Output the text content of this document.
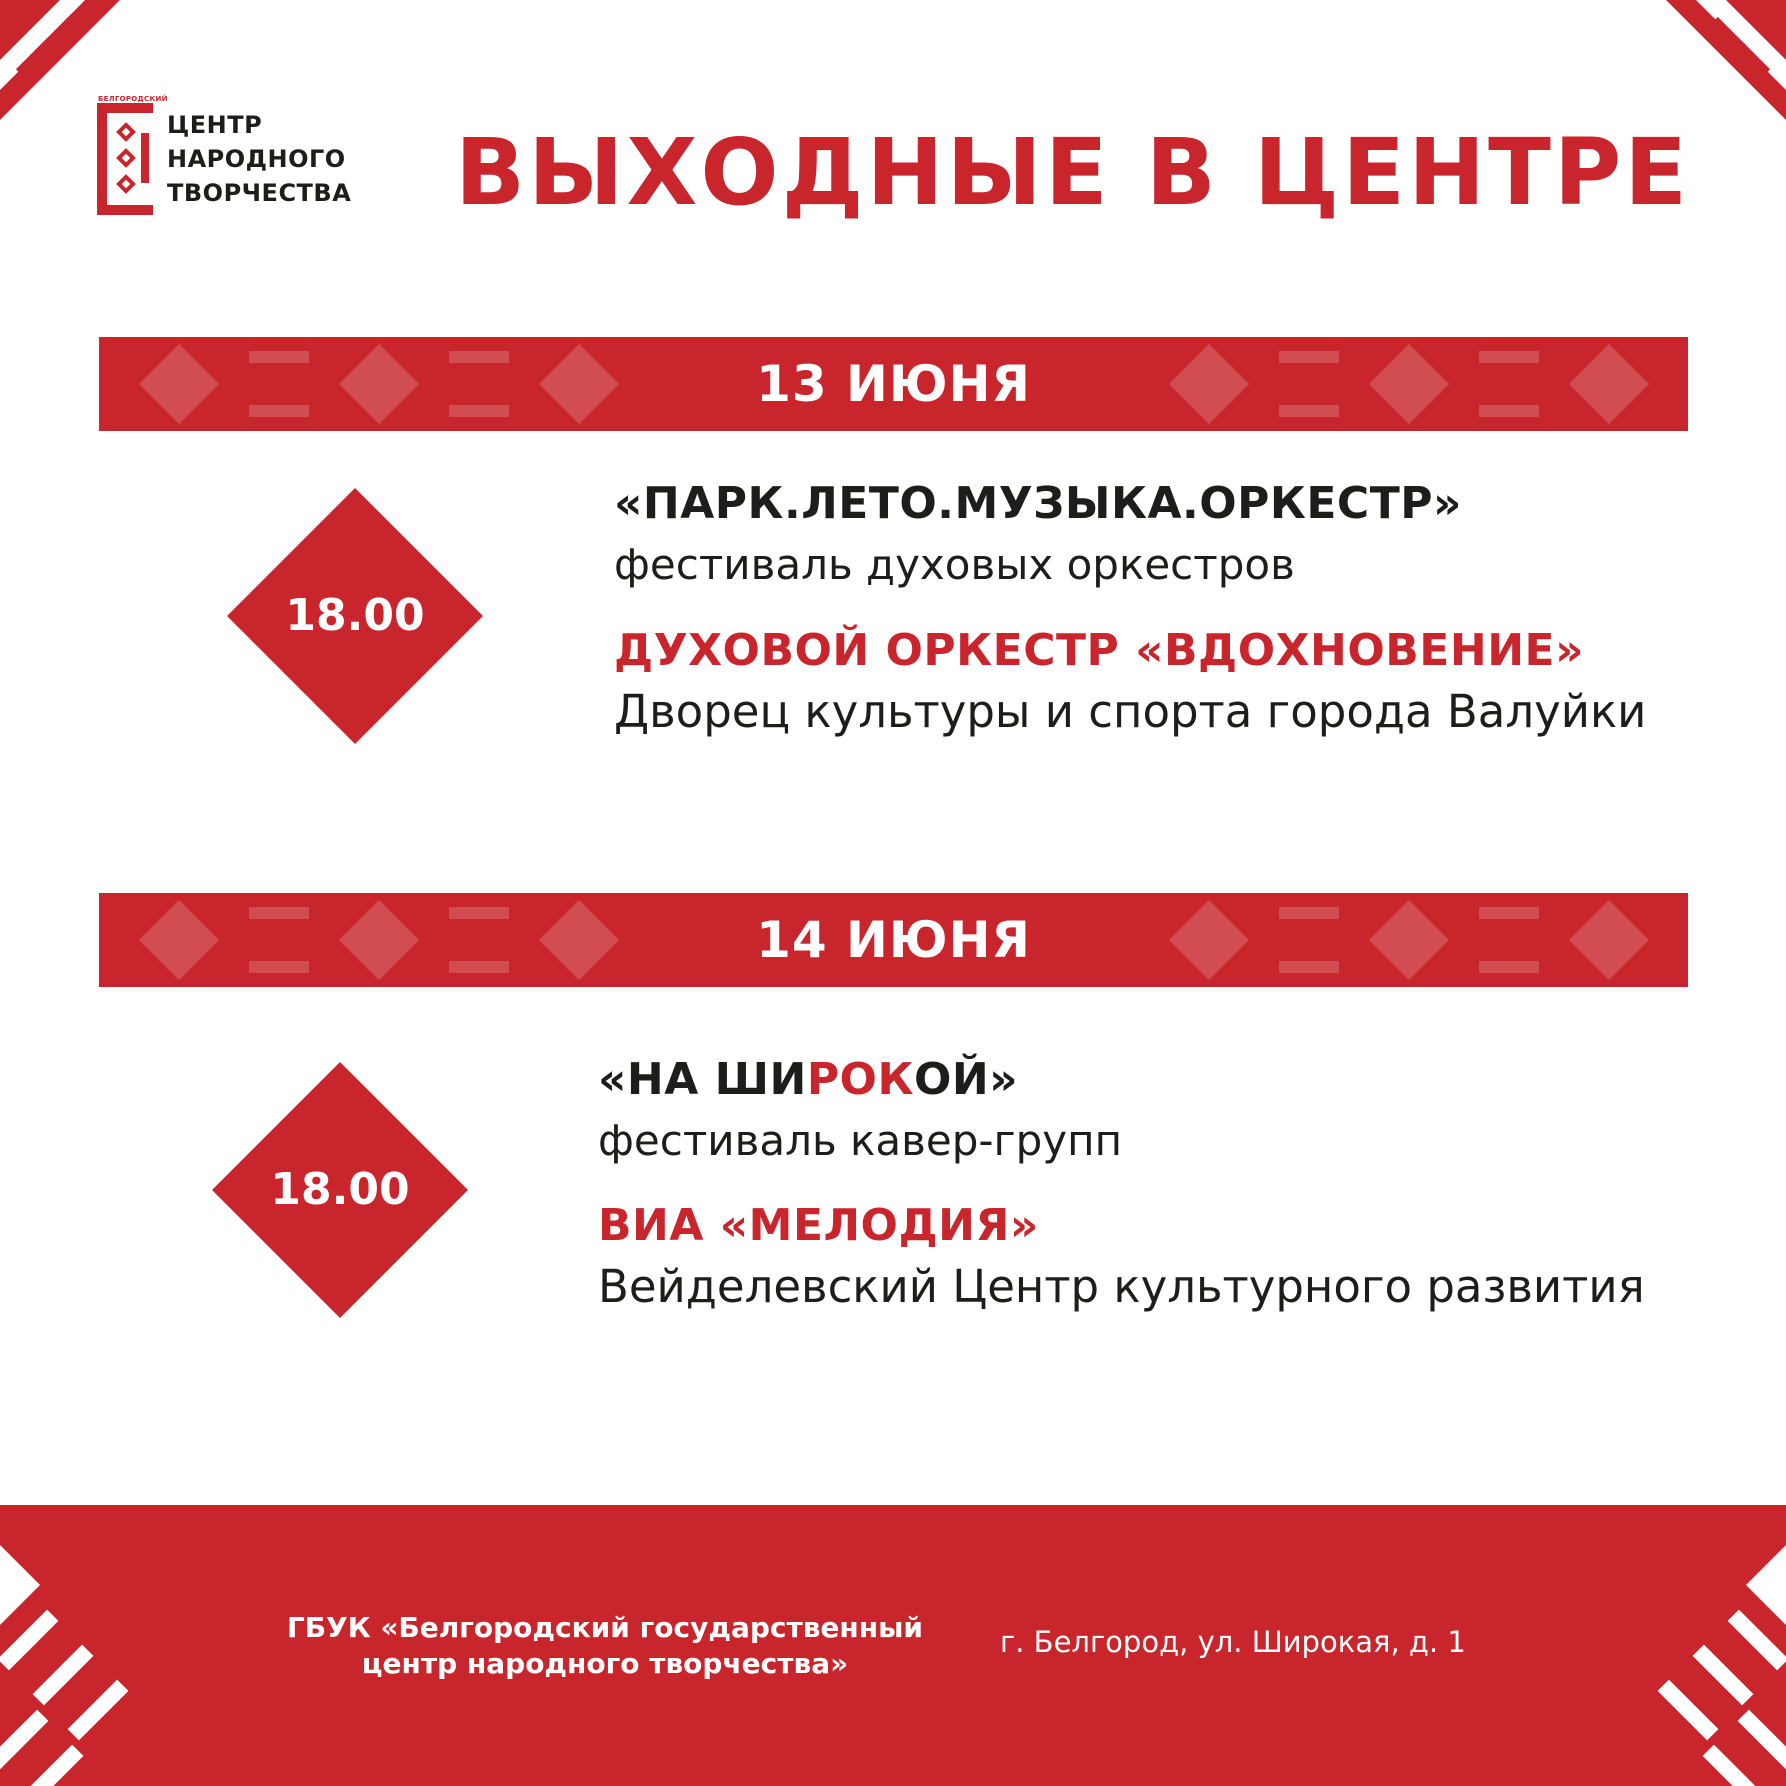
БЕЛГОРОДСКИЙ
ЦЕНТР
НАРОДНОГО
ТВОРЧЕСТВА ВЫХОДНЫЕ В ЦЕНТРЕ
13 ИЮНЯ
18.00
«ПАРК.ЛЕТО.МУЗЫКА.ОРКЕСТР»
фестиваль духовых оркестров
ДУХОВОЙ ОРКЕСТР «ВДОХНОВЕНИЕ»
Дворец культуры и спорта города Валуйки
14 ИЮНЯ
18.00
«НА ШИРОКОЙ»
фестиваль кавер-групп
ВИА «МЕЛОДИЯ»
Вейделевский Центр культурного развития
ГБУК «Белгородский государственный
центр народного творчества»
г. Белгород, ул. Широкая, д. 1
